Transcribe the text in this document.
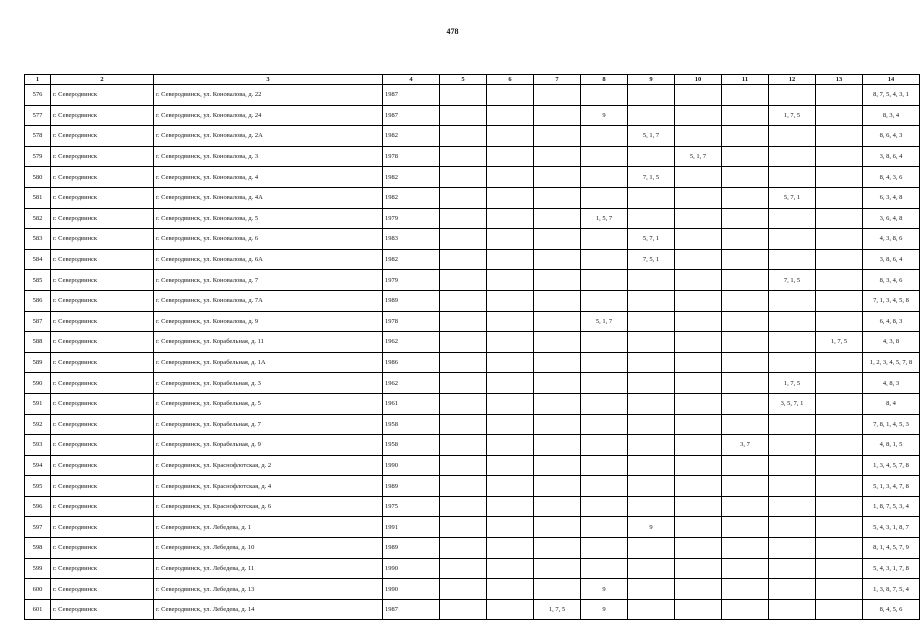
478
1	2	3	4	5	6	7	8	9	10	11	12	13	14
576	г. Северодвинск	г. Северодвинск, ул. Коновалова, д. 22	1987										8, 7, 5, 4, 3, 1
577	г. Северодвинск	г. Северодвинск, ул. Коновалова, д. 24	1987				9				1, 7, 5		8, 3, 4
578	г. Северодвинск	г. Северодвинск, ул. Коновалова, д. 2А	1982					5, 1, 7					8, 6, 4, 3
579	г. Северодвинск	г. Северодвинск, ул. Коновалова, д. 3	1978						5, 1, 7				3, 8, 6, 4
580	г. Северодвинск	г. Северодвинск, ул. Коновалова, д. 4	1982					7, 1, 5					8, 4, 3, 6
581	г. Северодвинск	г. Северодвинск, ул. Коновалова, д. 4А	1982								5, 7, 1		6, 3, 4, 8
582	г. Северодвинск	г. Северодвинск, ул. Коновалова, д. 5	1979				1, 5, 7						3, 6, 4, 8
583	г. Северодвинск	г. Северодвинск, ул. Коновалова, д. 6	1983					5, 7, 1					4, 3, 8, 6
584	г. Северодвинск	г. Северодвинск, ул. Коновалова, д. 6А	1982					7, 5, 1					3, 8, 6, 4
585	г. Северодвинск	г. Северодвинск, ул. Коновалова, д. 7	1979								7, 1, 5		8, 3, 4, 6
586	г. Северодвинск	г. Северодвинск, ул. Коновалова, д. 7А	1989										7, 1, 3, 4, 5, 8
587	г. Северодвинск	г. Северодвинск, ул. Коновалова, д. 9	1978				5, 1, 7						6, 4, 8, 3
588	г. Северодвинск	г. Северодвинск, ул. Корабельная, д. 11	1962									1, 7, 5	4, 3, 8
589	г. Северодвинск	г. Северодвинск, ул. Корабельная, д. 1А	1986										1, 2, 3, 4, 5, 7, 8
590	г. Северодвинск	г. Северодвинск, ул. Корабельная, д. 3	1962								1, 7, 5		4, 8, 3
591	г. Северодвинск	г. Северодвинск, ул. Корабельная, д. 5	1961								3, 5, 7, 1		8, 4
592	г. Северодвинск	г. Северодвинск, ул. Корабельная, д. 7	1958										7, 8, 1, 4, 5, 3
593	г. Северодвинск	г. Северодвинск, ул. Корабельная, д. 9	1958							3, 7			4, 8, 1, 5
594	г. Северодвинск	г. Северодвинск, ул. Краснофлотская, д. 2	1990										1, 3, 4, 5, 7, 8
595	г. Северодвинск	г. Северодвинск, ул. Краснофлотская, д. 4	1989										5, 1, 3, 4, 7, 8
596	г. Северодвинск	г. Северодвинск, ул. Краснофлотская, д. 6	1975										1, 8, 7, 5, 3, 4
597	г. Северодвинск	г. Северодвинск, ул. Лебедева, д. 1	1991					9					5, 4, 3, 1, 8, 7
598	г. Северодвинск	г. Северодвинск, ул. Лебедева, д. 10	1989										8, 1, 4, 5, 7, 9
599	г. Северодвинск	г. Северодвинск, ул. Лебедева, д. 11	1990										5, 4, 3, 1, 7, 8
600	г. Северодвинск	г. Северодвинск, ул. Лебедева, д. 13	1990				9						1, 3, 8, 7, 5, 4
601	г. Северодвинск	г. Северодвинск, ул. Лебедева, д. 14	1987			1, 7, 5	9						8, 4, 5, 6
